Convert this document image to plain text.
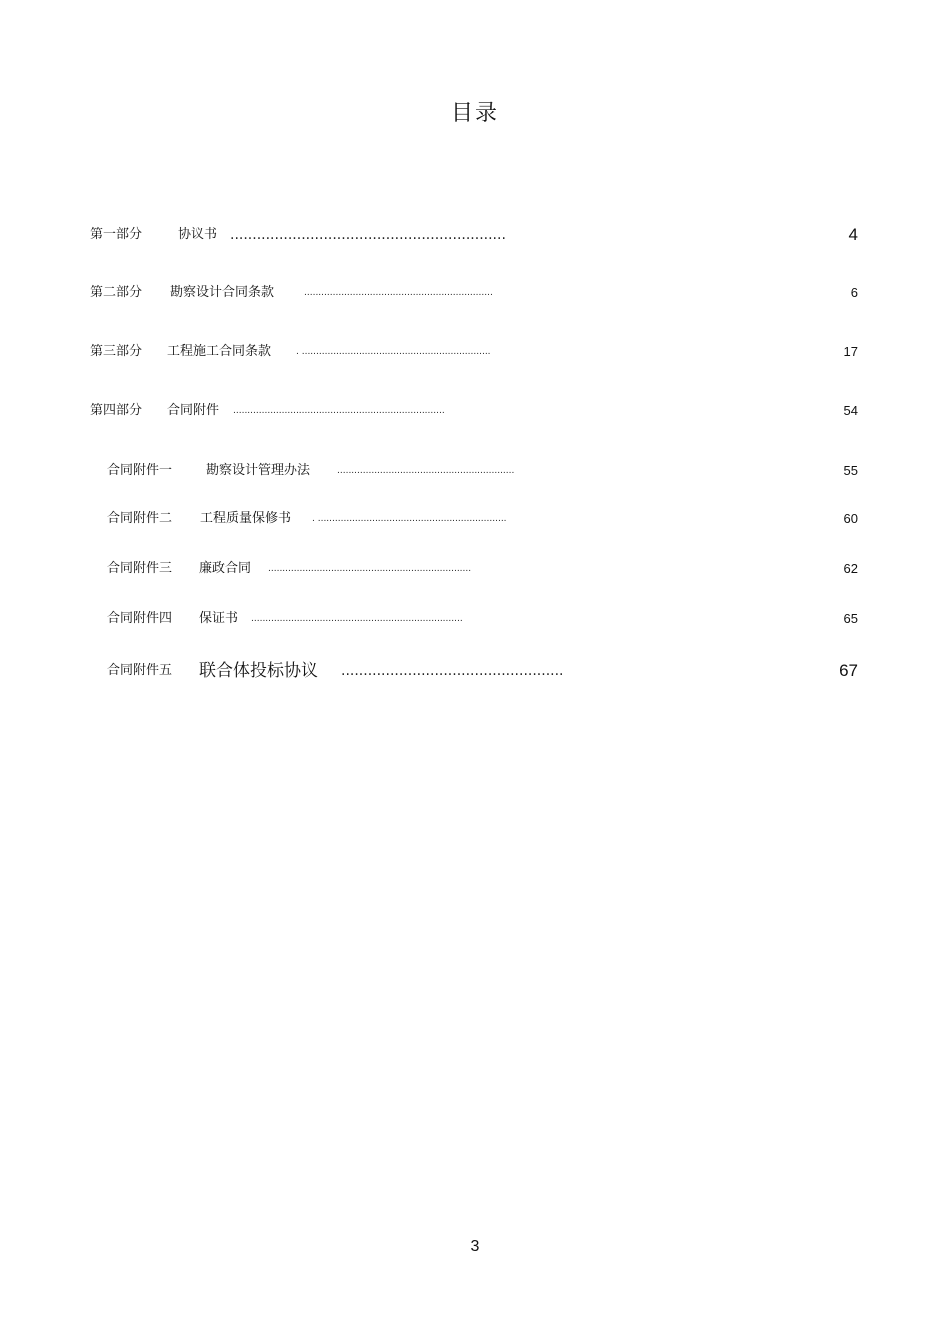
目录
第一部分	协议书 ..............................................................	4
第二部分 勘察设计合同条款	..................................................................	6
第三部分 工程施工合同条款	. ..................................................................	17
第四部分 合同附件 ..........................................................................	54
合同附件一	勘察设计管理办法	..............................................................	55
合同附件二 工程质量保修书 . ..................................................................	60
合同附件三 廉政合同 .......................................................................	62
合同附件四 保证书 ..........................................................................	65
合同附件五 联合体投标协议 ..................................................	67
3
